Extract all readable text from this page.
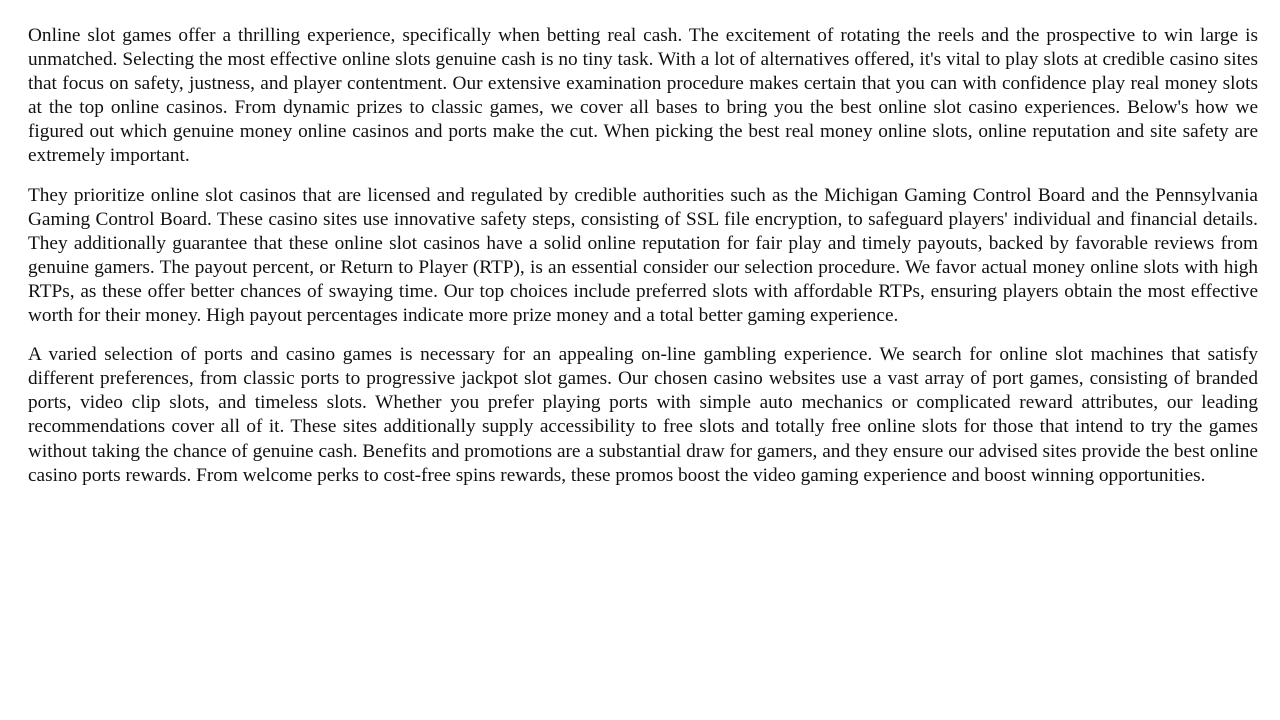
Online slot games offer a thrilling experience, specifically when betting real cash. The excitement of rotating the reels and the prospective to win large is unmatched. Selecting the most effective online slots genuine cash is no tiny task. With a lot of alternatives offered, it's vital to play slots at credible casino sites that focus on safety, justness, and player contentment. Our extensive examination procedure makes certain that you can with confidence play real money slots at the top online casinos. From dynamic prizes to classic games, we cover all bases to bring you the best online slot casino experiences. Below's how we figured out which genuine money online casinos and ports make the cut. When picking the best real money online slots, online reputation and site safety are extremely important.

They prioritize online slot casinos that are licensed and regulated by credible authorities such as the Michigan Gaming Control Board and the Pennsylvania Gaming Control Board. These casino sites use innovative safety steps, consisting of SSL file encryption, to safeguard players' individual and financial details. They additionally guarantee that these online slot casinos have a solid online reputation for fair play and timely payouts, backed by favorable reviews from genuine gamers. The payout percent, or Return to Player (RTP), is an essential consider our selection procedure. We favor actual money online slots with high RTPs, as these offer better chances of swaying time. Our top choices include preferred slots with affordable RTPs, ensuring players obtain the most effective worth for their money. High payout percentages indicate more prize money and a total better gaming experience.

A varied selection of ports and casino games is necessary for an appealing on-line gambling experience. We search for online slot machines that satisfy different preferences, from classic ports to progressive jackpot slot games. Our chosen casino websites use a vast array of port games, consisting of branded ports, video clip slots, and timeless slots. Whether you prefer playing ports with simple auto mechanics or complicated reward attributes, our leading recommendations cover all of it. These sites additionally supply accessibility to free slots and totally free online slots for those that intend to try the games without taking the chance of genuine cash. Benefits and promotions are a substantial draw for gamers, and they ensure our advised sites provide the best online casino ports rewards. From welcome perks to cost-free spins rewards, these promos boost the video gaming experience and boost winning opportunities.
